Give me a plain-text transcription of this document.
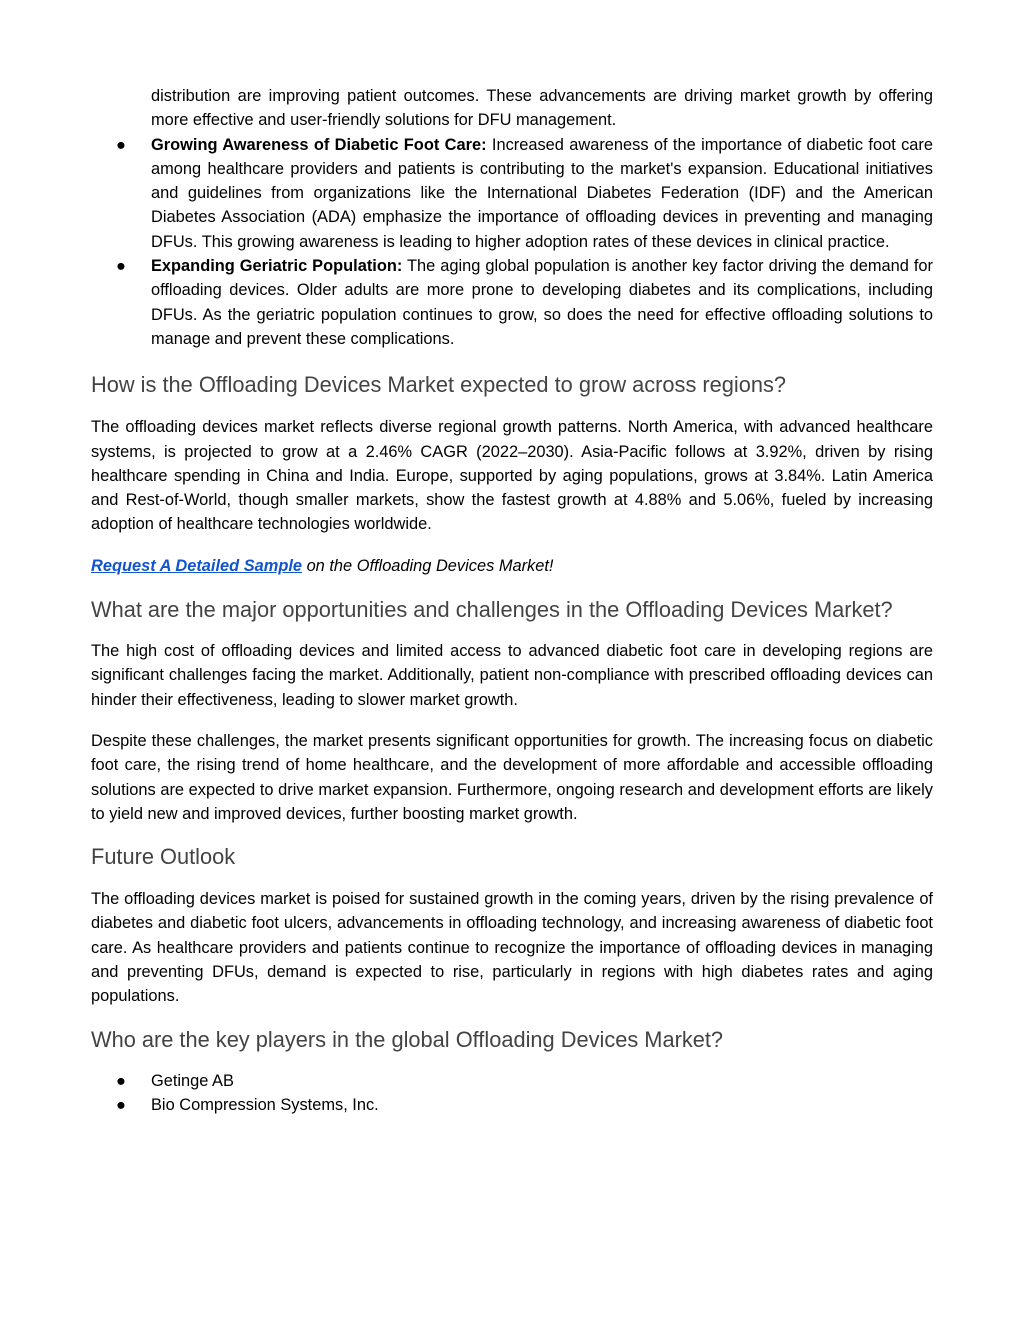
distribution are improving patient outcomes. These advancements are driving market growth by offering more effective and user-friendly solutions for DFU management.

● Growing Awareness of Diabetic Foot Care: Increased awareness of the importance of diabetic foot care among healthcare providers and patients is contributing to the market's expansion. Educational initiatives and guidelines from organizations like the International Diabetes Federation (IDF) and the American Diabetes Association (ADA) emphasize the importance of offloading devices in preventing and managing DFUs. This growing awareness is leading to higher adoption rates of these devices in clinical practice.
● Expanding Geriatric Population: The aging global population is another key factor driving the demand for offloading devices. Older adults are more prone to developing diabetes and its complications, including DFUs. As the geriatric population continues to grow, so does the need for effective offloading solutions to manage and prevent these complications.
How is the Offloading Devices Market expected to grow across regions?

The offloading devices market reflects diverse regional growth patterns. North America, with advanced healthcare systems, is projected to grow at a 2.46% CAGR (2022–2030). Asia-Pacific follows at 3.92%, driven by rising healthcare spending in China and India. Europe, supported by aging populations, grows at 3.84%. Latin America and Rest-of-World, though smaller markets, show the fastest growth at 4.88% and 5.06%, fueled by increasing adoption of healthcare technologies worldwide.

Request A Detailed Sample on the Offloading Devices Market!

What are the major opportunities and challenges in the Offloading Devices Market?

The high cost of offloading devices and limited access to advanced diabetic foot care in developing regions are significant challenges facing the market. Additionally, patient non-compliance with prescribed offloading devices can hinder their effectiveness, leading to slower market growth.

Despite these challenges, the market presents significant opportunities for growth. The increasing focus on diabetic foot care, the rising trend of home healthcare, and the development of more affordable and accessible offloading solutions are expected to drive market expansion. Furthermore, ongoing research and development efforts are likely to yield new and improved devices, further boosting market growth.

Future Outlook

The offloading devices market is poised for sustained growth in the coming years, driven by the rising prevalence of diabetes and diabetic foot ulcers, advancements in offloading technology, and increasing awareness of diabetic foot care. As healthcare providers and patients continue to recognize the importance of offloading devices in managing and preventing DFUs, demand is expected to rise, particularly in regions with high diabetes rates and aging populations.

Who are the key players in the global Offloading Devices Market?
● Getinge AB
● Bio Compression Systems, Inc.
